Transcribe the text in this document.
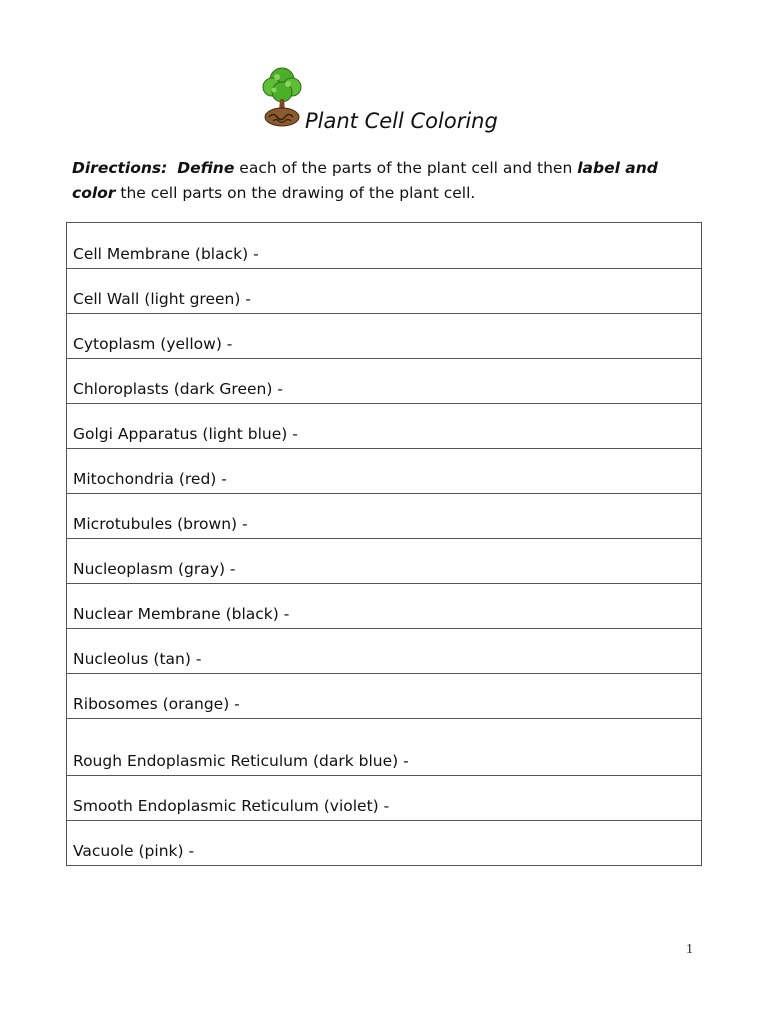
Plant Cell Coloring
Directions: Define each of the parts of the plant cell and then label and color the cell parts on the drawing of the plant cell.
Cell Membrane (black) -
Cell Wall (light green) -
Cytoplasm (yellow) -
Chloroplasts (dark Green) -
Golgi Apparatus (light blue) -
Mitochondria (red) -
Microtubules (brown) -
Nucleoplasm (gray) -
Nuclear Membrane (black) -
Nucleolus (tan) -
Ribosomes (orange) -
Rough Endoplasmic Reticulum (dark blue) -
Smooth Endoplasmic Reticulum (violet) -
Vacuole (pink) -
1
